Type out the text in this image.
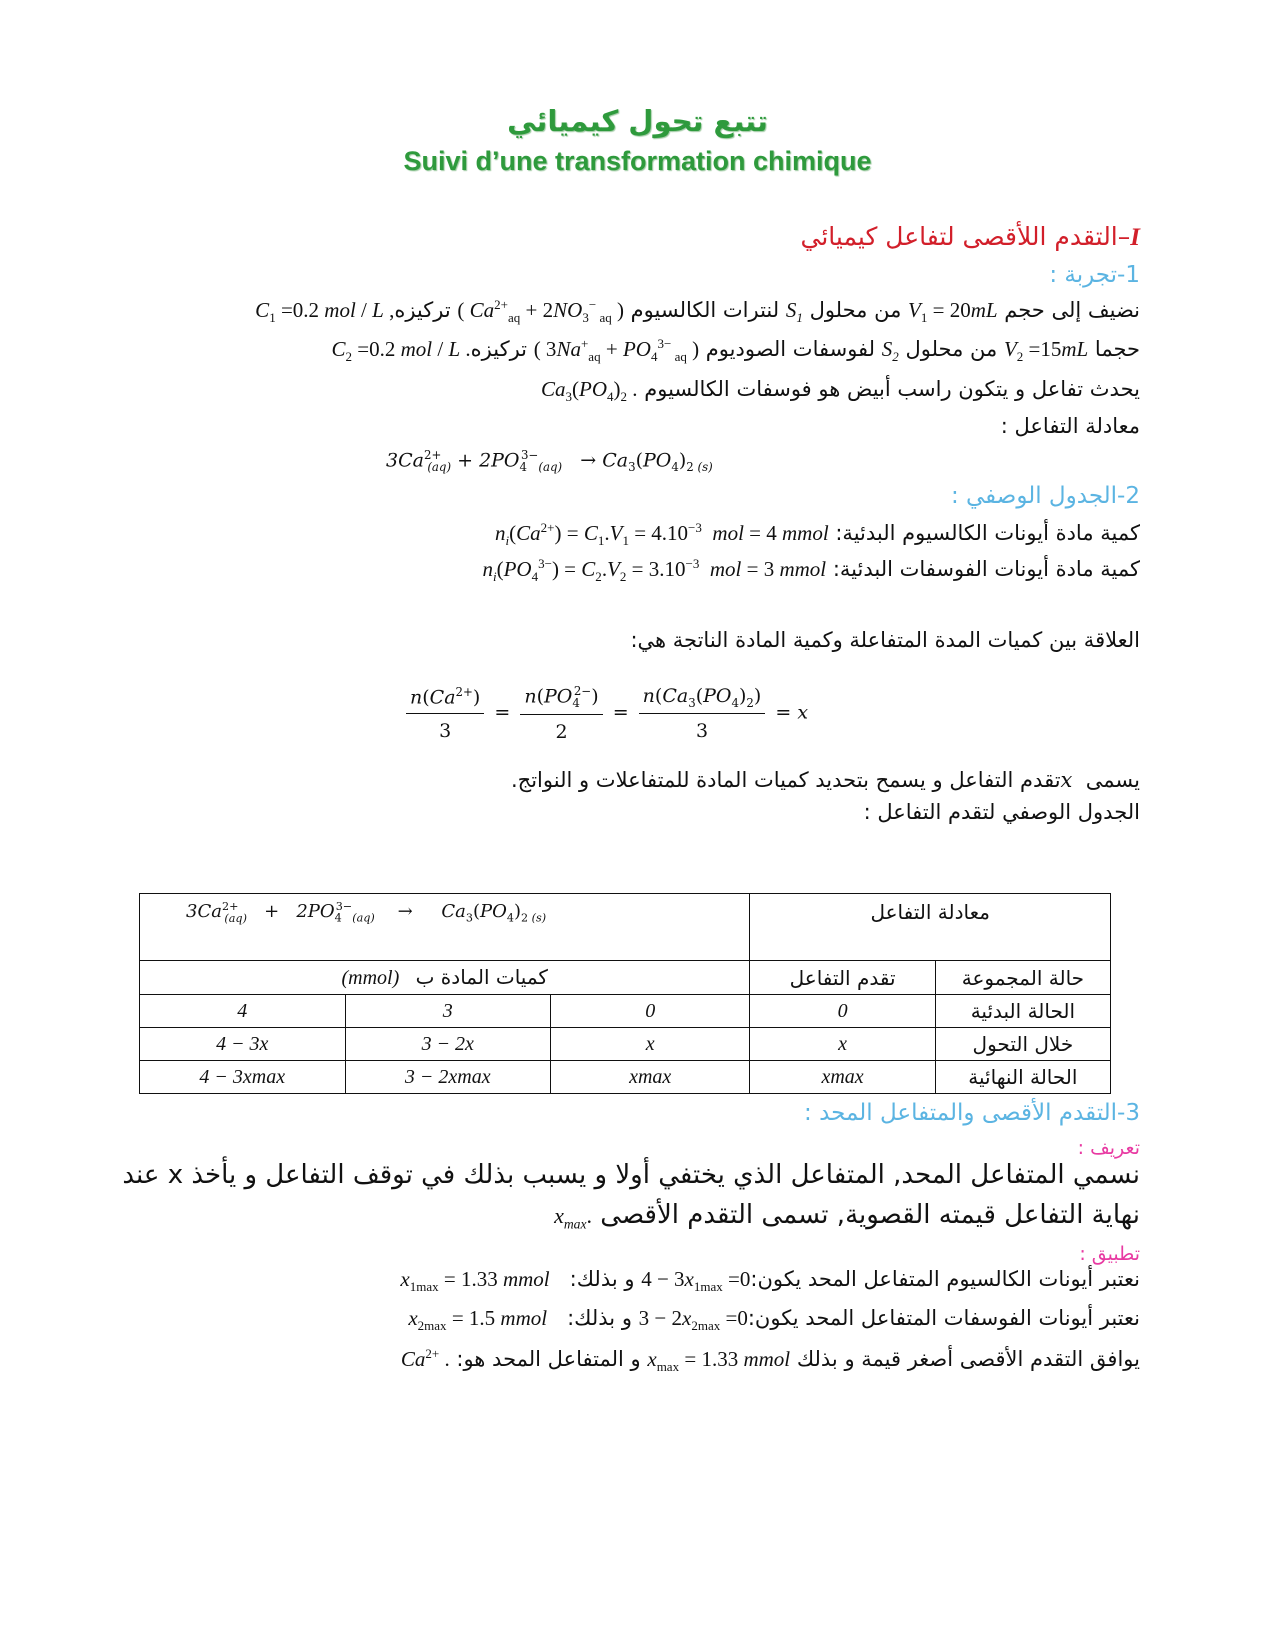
تتبع تحول كيميائي
Suivi d’une transformation chimique
I–التقدم اللأقصى لتفاعل كيميائي
1-تجربة :
نضيف إلى حجم $V_1 = 20mL$ من محلول $S_1$ لنترات الكالسيوم ( $Ca^{2+}_{aq} + 2NO_3^-$ $_{aq}$ ) تركيزهC$_1$ =0.2 mol / L ,
حجما $V_2 =15mL$ من محلول $S_2$ لفوسفات الصوديوم ( $3Na^+_{aq} + PO_4^{3-}$ $_{aq}$ ) تركيزهC$_2$ =0.2 mol / L .
يحدث تفاعل و يتكون راسب أبيض هو فوسفات الكالسيوم $Ca_3(PO_4)_2$ .
معادلة التفاعل :
$3Ca^{2+}_{(aq)} + 2PO_4^{3-}_{(aq)} \to Ca_3(PO_4)_{2 (s)}$
2-الجدول الوصفي :
كمية مادة أيونات الكالسيوم البدئية: $n_i(Ca^{2+}) = C_1.V_1 = 4.10^{-3}$ mol = 4 mmol
كمية مادة أيونات الفوسفات البدئية: $n_i(PO_4^{3-}) = C_2.V_2 = 3.10^{-3}$ mol = 3 mmol
العلاقة بين كميات المدة المتفاعلة وكمية المادة الناتجة هي:
$\frac{n(Ca^{2+})}{3} = \frac{n(PO_4^{2-})}{2} = \frac{n(Ca_3(PO_4)_2)}{3} = x$
يسمى x تقدم التفاعل و يسمح بتحديد كميات المادة للمتفاعلات و النواتج.
الجدول الوصفي لتقدم التفاعل :
معادلة التفاعل		$3Ca^{2+}_{(aq)} + 2PO_4^{3-}_{(aq)}$    →     $Ca_3(PO_4)_{2 (s)}$

حالة المجموعة	تقدم التفاعل	كميات المادة ب (mmol)		
الحالة البدئية	0	0	3	4
خلال التحول	x	x	3 − 2x	4 − 3x
الحالة النهائية	xmax	xmax	3 − 2xmax	4 − 3xmax
3-التقدم الأقصى والمتفاعل المحد :
تعريف :
نسمي المتفاعل المحد, المتفاعل الذي يختفي أولا و يسبب بذلك في توقف التفاعل و يأخذ x عند
نهاية التفاعل قيمته القصوية, تسمى التقدم الأقصى $x_{max}$.
تطبيق :
نعتبر أيونات الكالسيوم المتفاعل المحد يكون:4 − $3x_{1max} =0$ و بذلك:   $x_{1max} = 1.33$ mmol
نعتبر أيونات الفوسفات المتفاعل المحد يكون:3 − $2x_{2max} =0$ و بذلك:   $x_{2max} = 1.5$ mmol
يوافق التقدم الأقصى أصغر قيمة و بذلك $x_{max} = 1.33$ mmol و المتفاعل المحد هو: $Ca^{2+}$ .
